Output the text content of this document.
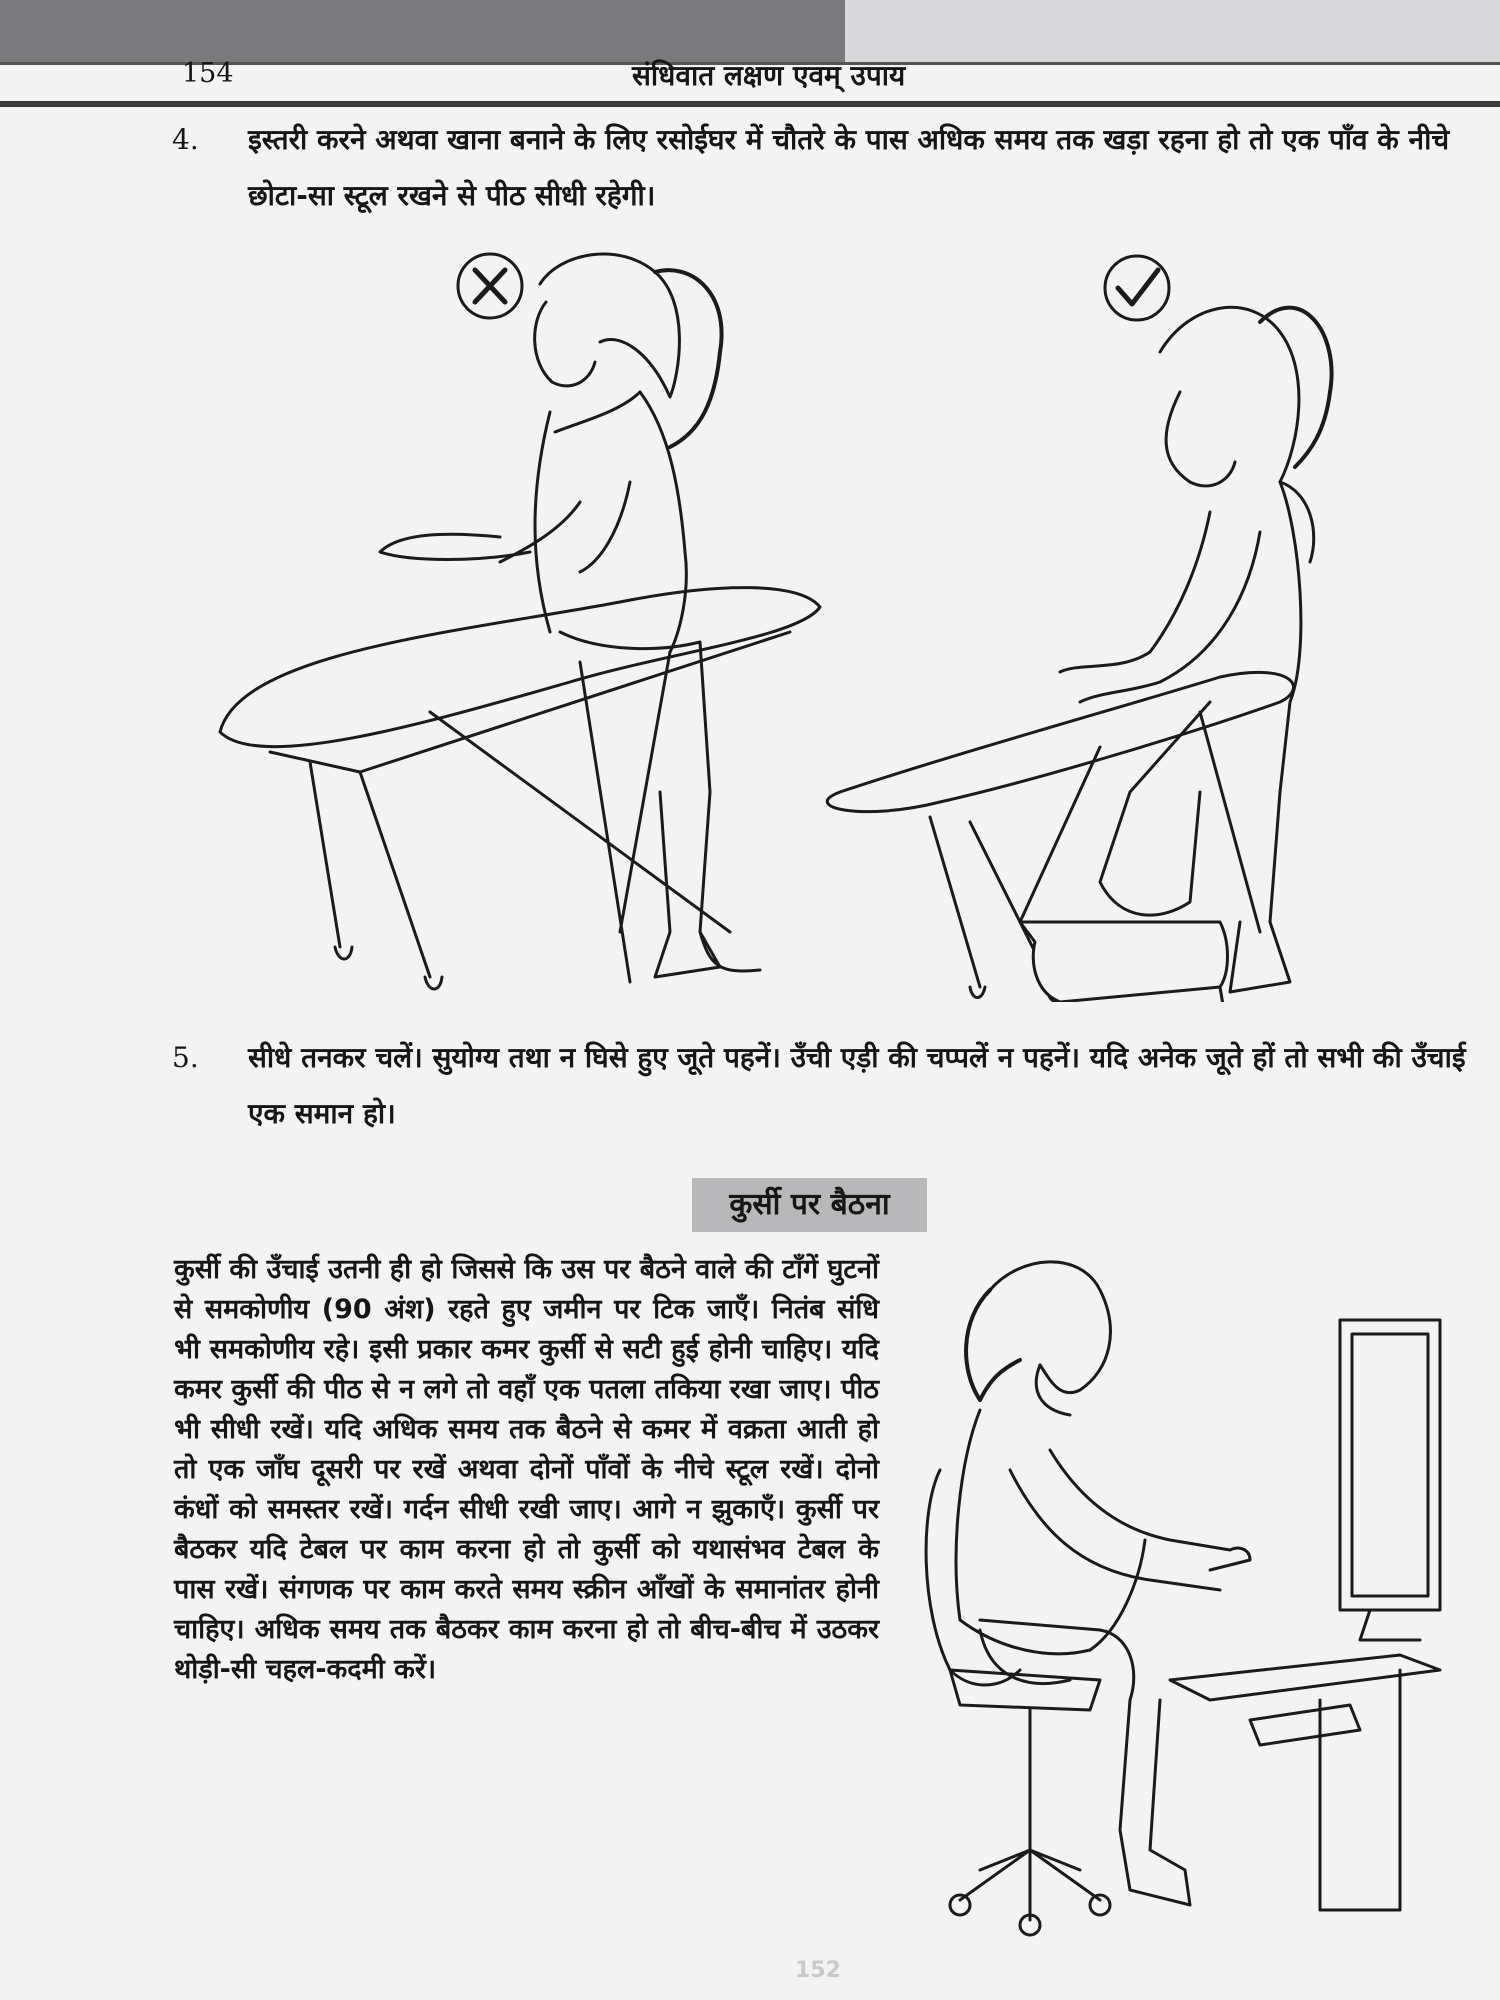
154	संधिवात लक्षण एवम् उपाय
4. इस्तरी करने अथवा खाना बनाने के लिए रसोईघर में चौतरे के पास अधिक समय तक खड़ा रहना हो तो एक पाँव के नीचे छोटा-सा स्टूल रखने से पीठ सीधी रहेगी।
5. सीधे तनकर चलें। सुयोग्य तथा न घिसे हुए जूते पहनें। उँची एड़ी की चप्पलें न पहनें। यदि अनेक जूते हों तो सभी की उँचाई एक समान हो।
कुर्सी पर बैठना
कुर्सी की उँचाई उतनी ही हो जिससे कि उस पर बैठने वाले की टाँगें घुटनों से समकोणीय (90 अंश) रहते हुए जमीन पर टिक जाएँ। नितंब संधि भी समकोणीय रहे। इसी प्रकार कमर कुर्सी से सटी हुई होनी चाहिए। यदि कमर कुर्सी की पीठ से न लगे तो वहाँ एक पतला तकिया रखा जाए। पीठ भी सीधी रखें। यदि अधिक समय तक बैठने से कमर में वक्रता आती हो तो एक जाँघ दूसरी पर रखें अथवा दोनों पाँवों के नीचे स्टूल रखें। दोनो कंधों को समस्तर रखें। गर्दन सीधी रखी जाए। आगे न झुकाएँ। कुर्सी पर बैठकर यदि टेबल पर काम करना हो तो कुर्सी को यथासंभव टेबल के पास रखें। संगणक पर काम करते समय स्क्रीन आँखों के समानांतर होनी चाहिए। अधिक समय तक बैठकर काम करना हो तो बीच-बीच में उठकर थोड़ी-सी चहल-कदमी करें।
152
